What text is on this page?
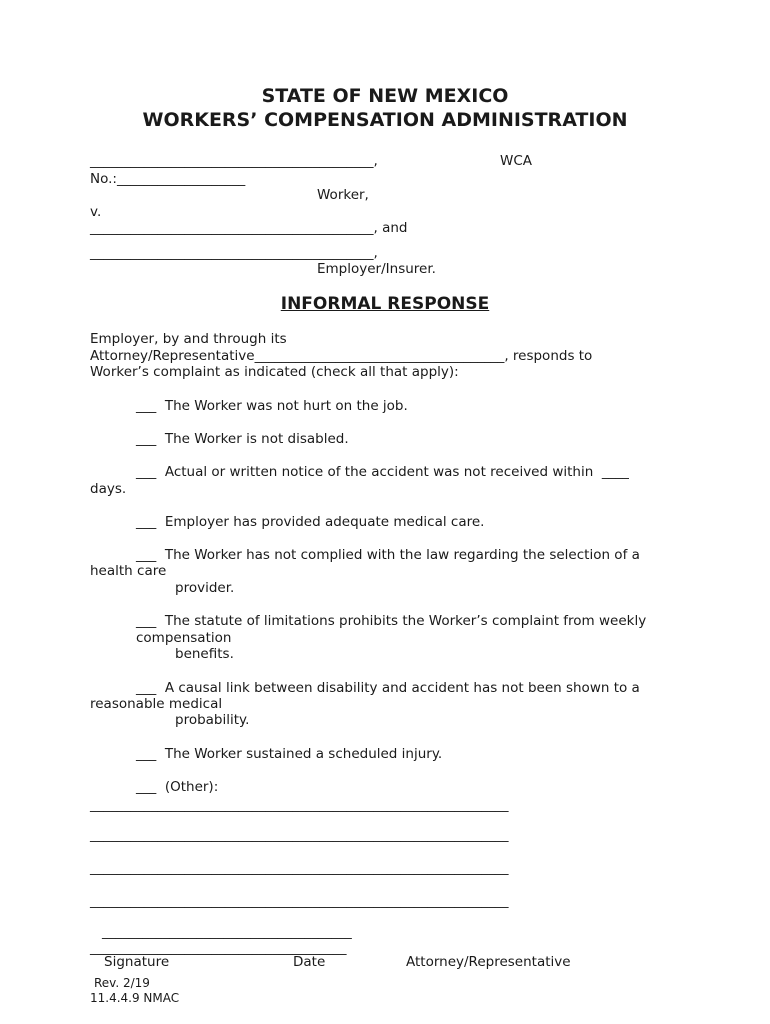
STATE OF NEW MEXICO
WORKERS’ COMPENSATION ADMINISTRATION
__________________________________________,	WCA
No.:___________________
Worker,
v.
__________________________________________, and
__________________________________________,
Employer/Insurer.
INFORMAL RESPONSE
Employer, by and through its
Attorney/Representative_____________________________________, responds to
Worker’s complaint as indicated (check all that apply):
___  The Worker was not hurt on the job.
___  The Worker is not disabled.
___  Actual or written notice of the accident was not received within  ____
days.
___  Employer has provided adequate medical care.
___  The Worker has not complied with the law regarding the selection of a
health care
provider.
___  The statute of limitations prohibits the Worker’s complaint from weekly
compensation
benefits.
___  A causal link between disability and accident has not been shown to a
reasonable medical
probability.
___  The Worker sustained a scheduled injury.
___  (Other):
______________________________________________________________
______________________________________________________________
______________________________________________________________
______________________________________________________________
_____________________________________
______________________________________
Signature	Date	Attorney/Representative
Rev. 2/19
11.4.4.9 NMAC
